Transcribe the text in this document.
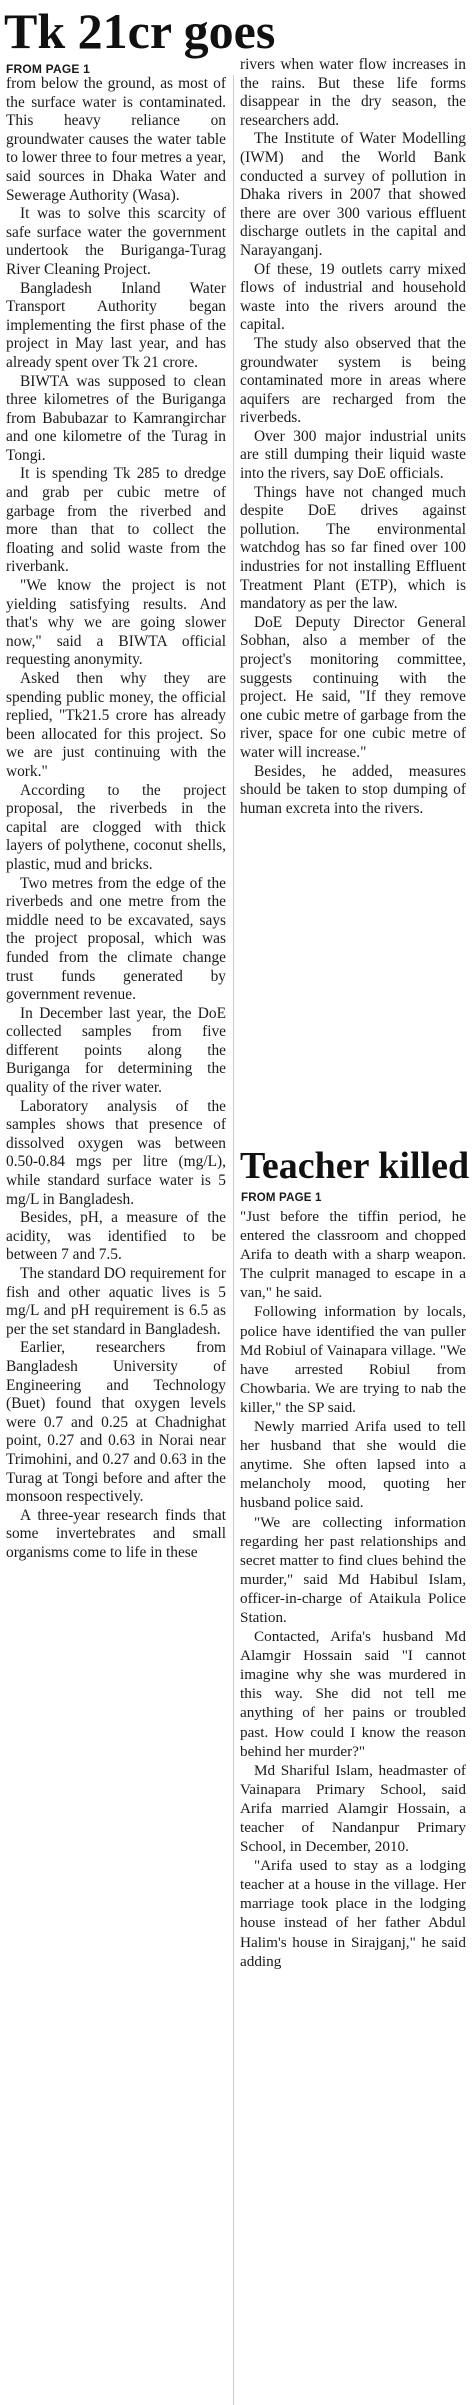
Tk 21cr goes
FROM PAGE 1

from below the ground, as most of the surface water is contaminated. This heavy reliance on groundwater causes the water table to lower three to four metres a year, said sources in Dhaka Water and Sewerage Authority (Wasa).

It was to solve this scarcity of safe surface water the government undertook the Buriganga-Turag River Cleaning Project.

Bangladesh Inland Water Transport Authority began implementing the first phase of the project in May last year, and has already spent over Tk 21 crore.

BIWTA was supposed to clean three kilometres of the Buriganga from Babubazar to Kamrangirchar and one kilometre of the Turag in Tongi.

It is spending Tk 285 to dredge and grab per cubic metre of garbage from the riverbed and more than that to collect the floating and solid waste from the riverbank.

"We know the project is not yielding satisfying results. And that's why we are going slower now," said a BIWTA official requesting anonymity.

Asked then why they are spending public money, the official replied, "Tk21.5 crore has already been allocated for this project. So we are just continuing with the work."

According to the project proposal, the riverbeds in the capital are clogged with thick layers of polythene, coconut shells, plastic, mud and bricks.

Two metres from the edge of the riverbeds and one metre from the middle need to be excavated, says the project proposal, which was funded from the climate change trust funds generated by government revenue.

In December last year, the DoE collected samples from five different points along the Buriganga for determining the quality of the river water.

Laboratory analysis of the samples shows that presence of dissolved oxygen was between 0.50-0.84 mgs per litre (mg/L), while standard surface water is 5 mg/L in Bangladesh.

Besides, pH, a measure of the acidity, was identified to be between 7 and 7.5.

The standard DO requirement for fish and other aquatic lives is 5 mg/L and pH requirement is 6.5 as per the set standard in Bangladesh.

Earlier, researchers from Bangladesh University of Engineering and Technology (Buet) found that oxygen levels were 0.7 and 0.25 at Chadnighat point, 0.27 and 0.63 in Norai near Trimohini, and 0.27 and 0.63 in the Turag at Tongi before and after the monsoon respectively.

A three-year research finds that some invertebrates and small organisms come to life in these

rivers when water flow increases in the rains. But these life forms disappear in the dry season, the researchers add.

The Institute of Water Modelling (IWM) and the World Bank conducted a survey of pollution in Dhaka rivers in 2007 that showed there are over 300 various effluent discharge outlets in the capital and Narayanganj.

Of these, 19 outlets carry mixed flows of industrial and household waste into the rivers around the capital.

The study also observed that the groundwater system is being contaminated more in areas where aquifers are recharged from the riverbeds.

Over 300 major industrial units are still dumping their liquid waste into the rivers, say DoE officials.

Things have not changed much despite DoE drives against pollution. The environmental watchdog has so far fined over 100 industries for not installing Effluent Treatment Plant (ETP), which is mandatory as per the law.

DoE Deputy Director General Sobhan, also a member of the project's monitoring committee, suggests continuing with the project. He said, "If they remove one cubic metre of garbage from the river, space for one cubic metre of water will increase."

Besides, he added, measures should be taken to stop dumping of human excreta into the rivers.

Teacher killed
FROM PAGE 1

"Just before the tiffin period, he entered the classroom and chopped Arifa to death with a sharp weapon. The culprit managed to escape in a van," he said.

Following information by locals, police have identified the van puller Md Robiul of Vainapara village. "We have arrested Robiul from Chowbaria. We are trying to nab the killer," the SP said.

Newly married Arifa used to tell her husband that she would die anytime. She often lapsed into a melancholy mood, quoting her husband police said.

"We are collecting information regarding her past relationships and secret matter to find clues behind the murder," said Md Habibul Islam, officer-in-charge of Ataikula Police Station.

Contacted, Arifa's husband Md Alamgir Hossain said "I cannot imagine why she was murdered in this way. She did not tell me anything of her pains or troubled past. How could I know the reason behind her murder?"

Md Shariful Islam, headmaster of Vainapara Primary School, said Arifa married Alamgir Hossain, a teacher of Nandanpur Primary School, in December, 2010.

"Arifa used to stay as a lodging teacher at a house in the village. Her marriage took place in the lodging house instead of her father Abdul Halim's house in Sirajganj," he said adding
